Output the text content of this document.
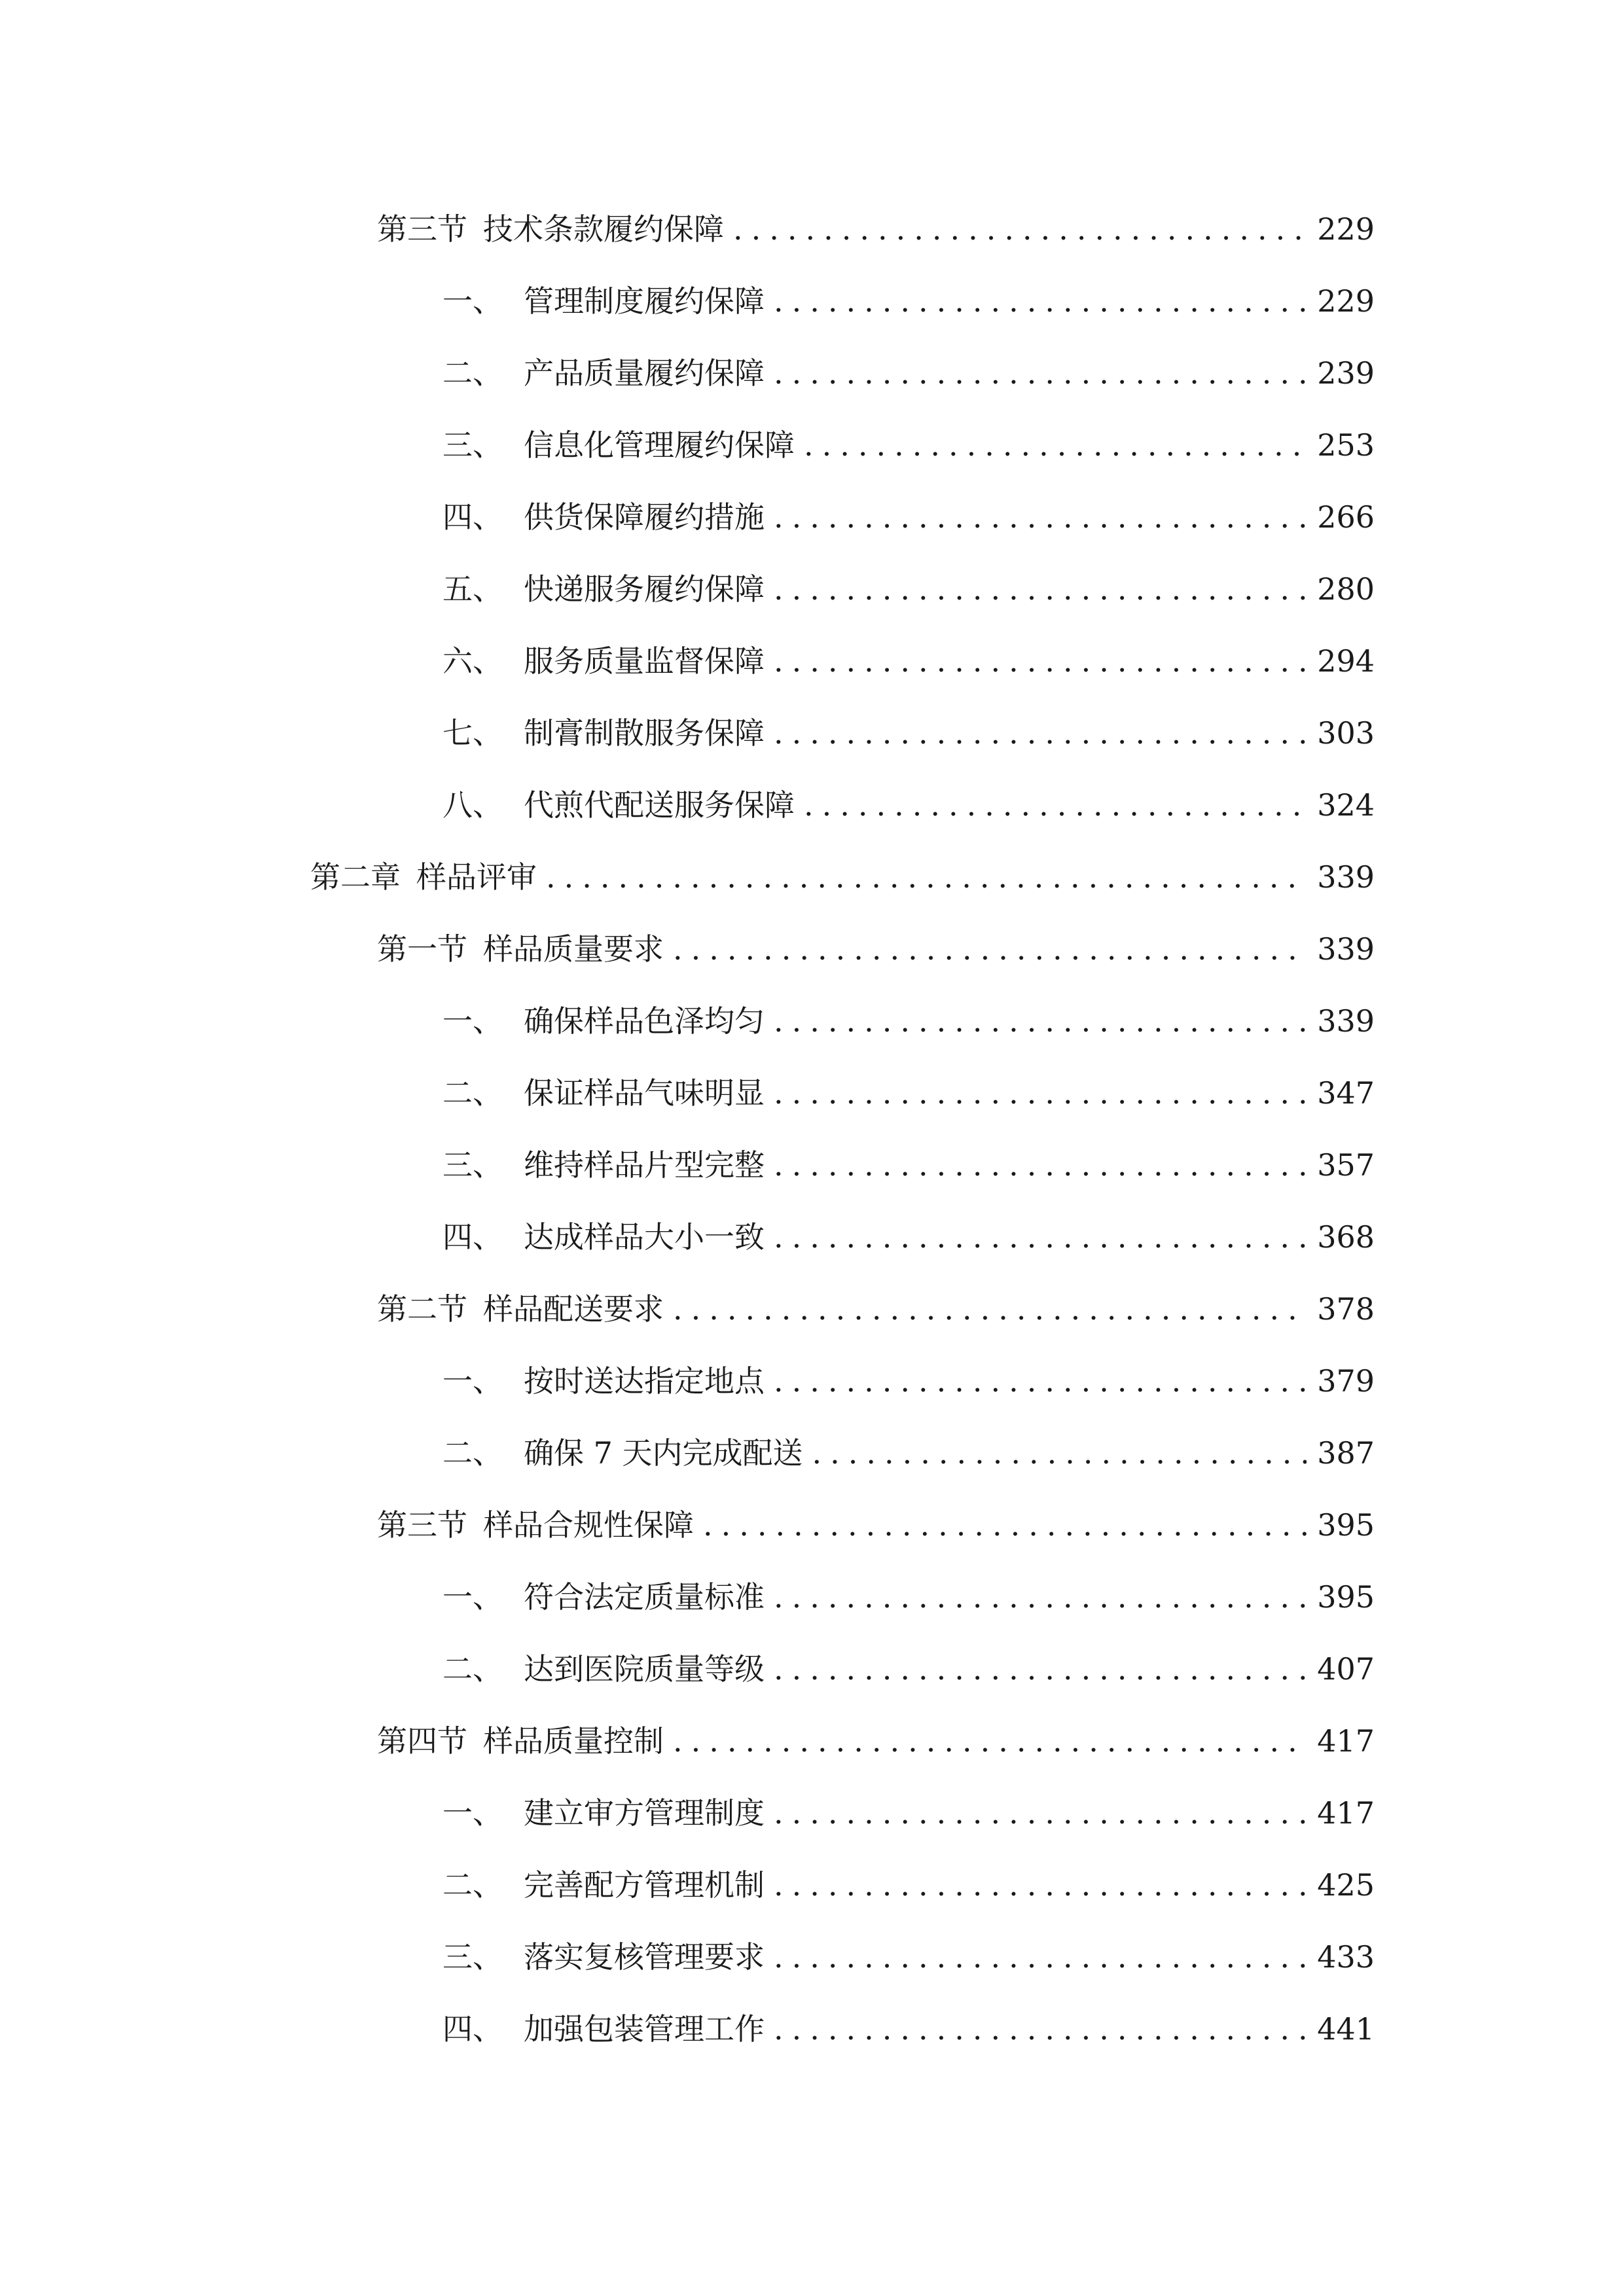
第三节 技术条款履约保障 .....	229
一、 管理制度履约保障 .....	229
二、 产品质量履约保障 .....	239
三、 信息化管理履约保障 .....	253
四、 供货保障履约措施 .....	266
五、 快递服务履约保障 .....	280
六、 服务质量监督保障 .....	294
七、 制膏制散服务保障 .....	303
八、 代煎代配送服务保障 .....	324
第二章 样品评审 .....	339
第一节 样品质量要求 .....	339
一、 确保样品色泽均匀 .....	339
二、 保证样品气味明显 .....	347
三、 维持样品片型完整 .....	357
四、 达成样品大小一致 .....	368
第二节 样品配送要求 .....	378
一、 按时送达指定地点 .....	379
二、 确保 7 天内完成配送 .....	387
第三节 样品合规性保障 .....	395
一、 符合法定质量标准 .....	395
二、 达到医院质量等级 .....	407
第四节 样品质量控制 .....	417
一、 建立审方管理制度 .....	417
二、 完善配方管理机制 .....	425
三、 落实复核管理要求 .....	433
四、 加强包装管理工作 .....	441
